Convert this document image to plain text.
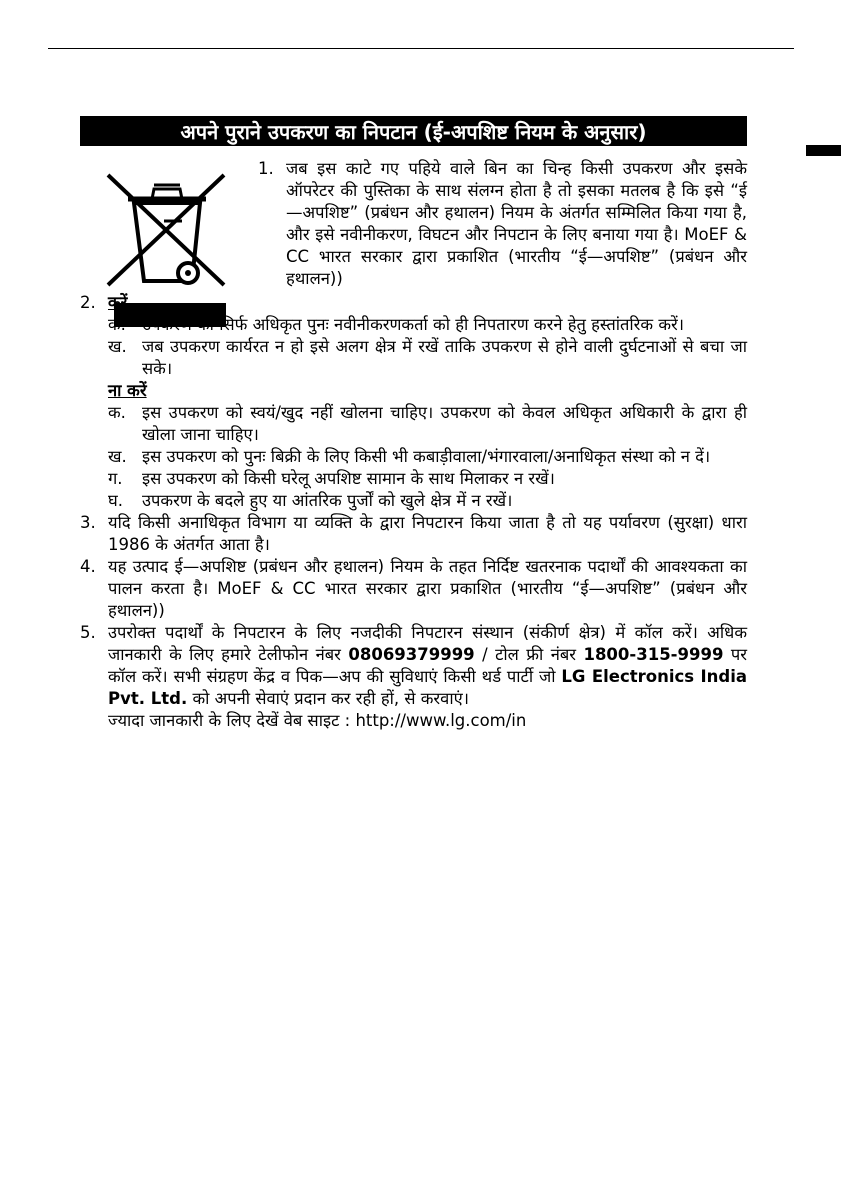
अपने पुराने उपकरण का निपटान (ई-अपशिष्ट नियम के अनुसार)
1. जब इस काटे गए पहिये वाले बिन का चिन्ह किसी उपकरण और इसके ऑपरेटर की पुस्तिका के साथ संलग्न होता है तो इसका मतलब है कि इसे “ई—अपशिष्ट” (प्रबंधन और हथालन) नियम के अंतर्गत सम्मिलित किया गया है, और इसे नवीनीकरण, विघटन और निपटान के लिए बनाया गया है। MoEF & CC भारत सरकार द्वारा प्रकाशित (भारतीय “ई—अपशिष्ट” (प्रबंधन और हथालन))
2. करें
क. उपकरण को सिर्फ अधिकृत पुनः नवीनीकरणकर्ता को ही निपतारण करने हेतु हस्तांतरिक करें।
ख. जब उपकरण कार्यरत न हो इसे अलग क्षेत्र में रखें ताकि उपकरण से होने वाली दुर्घटनाओं से बचा जा सके।
ना करें
क. इस उपकरण को स्वयं/खुद नहीं खोलना चाहिए। उपकरण को केवल अधिकृत अधिकारी के द्वारा ही खोला जाना चाहिए।
ख. इस उपकरण को पुनः बिक्री के लिए किसी भी कबाड़ीवाला/भंगारवाला/अनाधिकृत संस्था को न दें।
ग.	इस उपकरण को किसी घरेलू अपशिष्ट सामान के साथ मिलाकर न रखें।
घ.	उपकरण के बदले हुए या आंतरिक पुर्जों को खुले क्षेत्र में न रखें।
3. यदि किसी अनाधिकृत विभाग या व्यक्ति के द्वारा निपटारन किया जाता है तो यह पर्यावरण (सुरक्षा) धारा 1986 के अंतर्गत आता है।
4. यह उत्पाद ई—अपशिष्ट (प्रबंधन और हथालन) नियम के तहत निर्दिष्ट खतरनाक पदार्थों की आवश्यकता का पालन करता है। MoEF & CC भारत सरकार द्वारा प्रकाशित (भारतीय “ई—अपशिष्ट” (प्रबंधन और हथालन))
5. उपरोक्त पदार्थों के निपटारन के लिए नजदीकी निपटारन संस्थान (संकीर्ण क्षेत्र) में कॉल करें। अधिक जानकारी के लिए हमारे टेलीफोन नंबर 08069379999 / टोल फ्री नंबर 1800-315-9999 पर कॉल करें। सभी संग्रहण केंद्र व पिक—अप की सुविधाएं किसी थर्ड पार्टी जो LG Electronics India Pvt. Ltd. को अपनी सेवाएं प्रदान कर रही हों, से करवाएं।
ज्यादा जानकारी के लिए देखें वेब साइट : http://www.lg.com/in
